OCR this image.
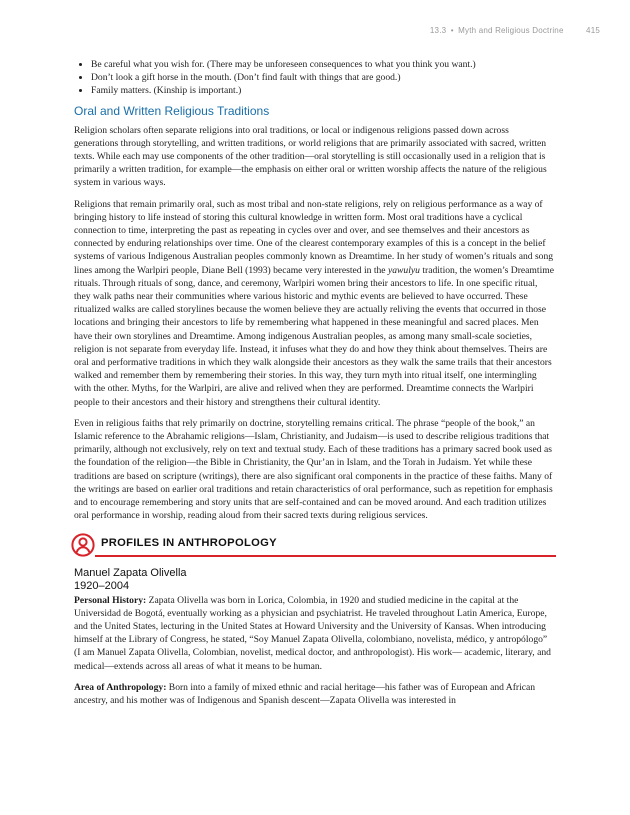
13.3 • Myth and Religious Doctrine	415
• Be careful what you wish for. (There may be unforeseen consequences to what you think you want.)
• Don’t look a gift horse in the mouth. (Don’t find fault with things that are good.)
• Family matters. (Kinship is important.)
Oral and Written Religious Traditions

Religion scholars often separate religions into oral traditions, or local or indigenous religions passed down across generations through storytelling, and written traditions, or world religions that are primarily associated with sacred, written texts. While each may use components of the other tradition—oral storytelling is still occasionally used in a religion that is primarily a written tradition, for example—the emphasis on either oral or written worship affects the nature of the religious system in various ways.

Religions that remain primarily oral, such as most tribal and non-state religions, rely on religious performance as a way of bringing history to life instead of storing this cultural knowledge in written form. Most oral traditions have a cyclical connection to time, interpreting the past as repeating in cycles over and over, and see themselves and their ancestors as connected by enduring relationships over time. One of the clearest contemporary examples of this is a concept in the belief systems of various Indigenous Australian peoples commonly known as Dreamtime. In her study of women’s rituals and song lines among the Warlpiri people, Diane Bell (1993) became very interested in the yawulyu tradition, the women’s Dreamtime rituals. Through rituals of song, dance, and ceremony, Warlpiri women bring their ancestors to life. In one specific ritual, they walk paths near their communities where various historic and mythic events are believed to have occurred. These ritualized walks are called storylines because the women believe they are actually reliving the events that occurred in those locations and bringing their ancestors to life by remembering what happened in these meaningful and sacred places. Men have their own storylines and Dreamtime. Among indigenous Australian peoples, as among many small-scale societies, religion is not separate from everyday life. Instead, it infuses what they do and how they think about themselves. Theirs are oral and performative traditions in which they walk alongside their ancestors as they walk the same trails that their ancestors walked and remember them by remembering their stories. In this way, they turn myth into ritual itself, one intermingling with the other. Myths, for the Warlpiri, are alive and relived when they are performed. Dreamtime connects the Warlpiri people to their ancestors and their history and strengthens their cultural identity.

Even in religious faiths that rely primarily on doctrine, storytelling remains critical. The phrase “people of the book,” an Islamic reference to the Abrahamic religions—Islam, Christianity, and Judaism—is used to describe religious traditions that primarily, although not exclusively, rely on text and textual study. Each of these traditions has a primary sacred book used as the foundation of the religion—the Bible in Christianity, the Qur’an in Islam, and the Torah in Judaism. Yet while these traditions are based on scripture (writings), there are also significant oral components in the practice of these faiths. Many of the writings are based on earlier oral traditions and retain characteristics of oral performance, such as repetition for emphasis and to encourage remembering and story units that are self-contained and can be moved around. And each tradition utilizes oral performance in worship, reading aloud from their sacred texts during religious services.

PROFILES IN ANTHROPOLOGY
Manuel Zapata Olivella
1920–2004

Personal History: Zapata Olivella was born in Lorica, Colombia, in 1920 and studied medicine in the capital at the Universidad de Bogotá, eventually working as a physician and psychiatrist. He traveled throughout Latin America, Europe, and the United States, lecturing in the United States at Howard University and the University of Kansas. When introducing himself at the Library of Congress, he stated, “Soy Manuel Zapata Olivella, colombiano, novelista, médico, y antropólogo” (I am Manuel Zapata Olivella, Colombian, novelist, medical doctor, and anthropologist). His work— academic, literary, and medical—extends across all areas of what it means to be human.

Area of Anthropology: Born into a family of mixed ethnic and racial heritage—his father was of European and African ancestry, and his mother was of Indigenous and Spanish descent—Zapata Olivella was interested in
